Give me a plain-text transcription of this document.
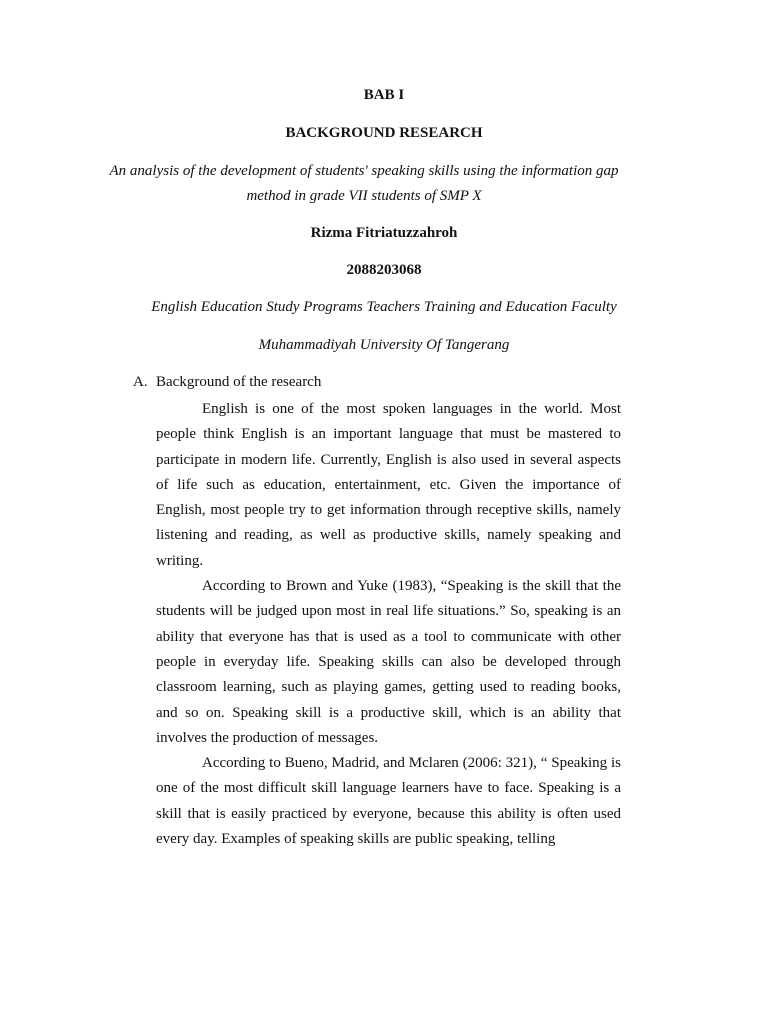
BAB I

BACKGROUND RESEARCH

An analysis of the development of students' speaking skills using the information gap method in grade VII students of SMP X

Rizma Fitriatuzzahroh

2088203068

English Education Study Programs Teachers Training and Education Faculty

Muhammadiyah University Of Tangerang

A. Background of the research

English is one of the most spoken languages in the world. Most people think English is an important language that must be mastered to participate in modern life. Currently, English is also used in several aspects of life such as education, entertainment, etc. Given the importance of English, most people try to get information through receptive skills, namely listening and reading, as well as productive skills, namely speaking and writing.

According to Brown and Yuke (1983), “Speaking is the skill that the students will be judged upon most in real life situations.” So, speaking is an ability that everyone has that is used as a tool to communicate with other people in everyday life. Speaking skills can also be developed through classroom learning, such as playing games, getting used to reading books, and so on. Speaking skill is a productive skill, which is an ability that involves the production of messages.

According to Bueno, Madrid, and Mclaren (2006: 321), “ Speaking is one of the most difficult skill language learners have to face. Speaking is a skill that is easily practiced by everyone, because this ability is often used every day. Examples of speaking skills are public speaking, telling
